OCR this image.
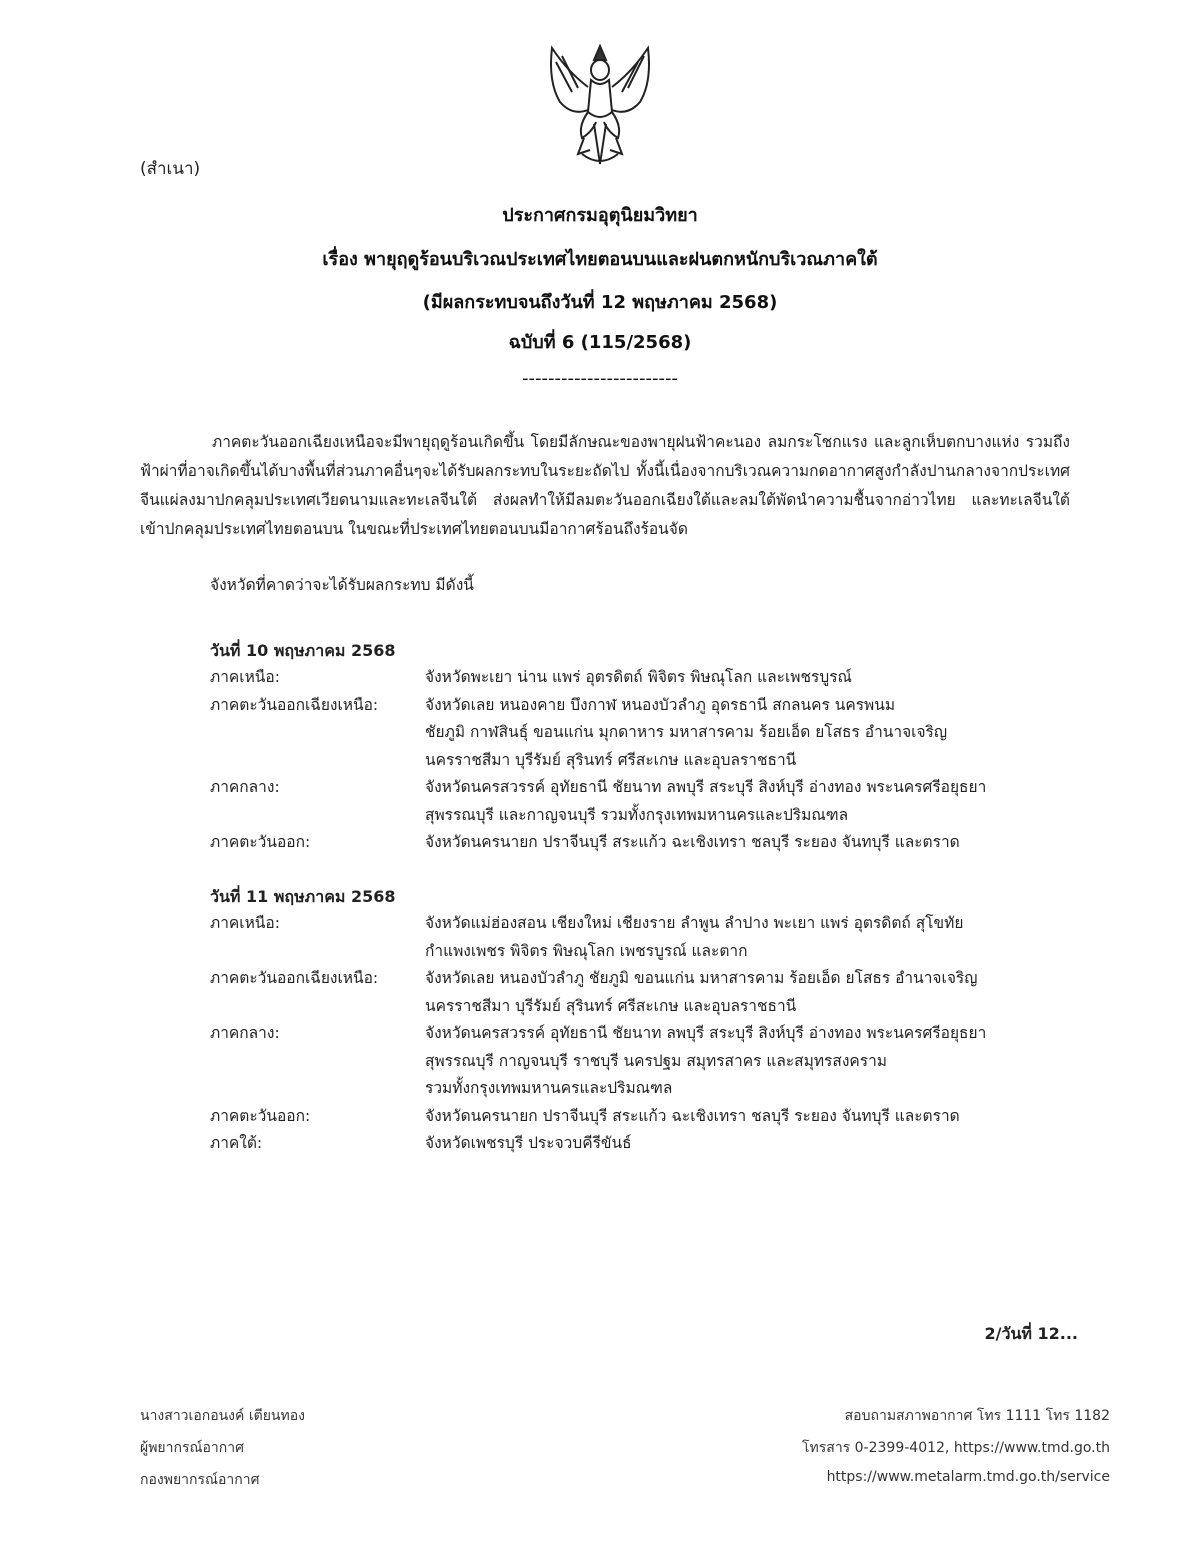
(สำเนา)
ประกาศกรมอุตุนิยมวิทยา
เรื่อง พายุฤดูร้อนบริเวณประเทศไทยตอนบนและฝนตกหนักบริเวณภาคใต้
(มีผลกระทบจนถึงวันที่ 12 พฤษภาคม 2568)
ฉบับที่ 6 (115/2568)
------------------------
ภาคตะวันออกเฉียงเหนือจะมีพายุฤดูร้อนเกิดขึ้น โดยมีลักษณะของพายุฝนฟ้าคะนอง ลมกระโชกแรง และลูกเห็บตกบางแห่ง รวมถึงฟ้าผ่าที่อาจเกิดขึ้นได้บางพื้นที่ส่วนภาคอื่นๆจะได้รับผลกระทบในระยะถัดไป ทั้งนี้เนื่องจากบริเวณความกดอากาศสูงกำลังปานกลางจากประเทศจีนแผ่ลงมาปกคลุมประเทศเวียดนามและทะเลจีนใต้ ส่งผลทำให้มีลมตะวันออกเฉียงใต้และลมใต้พัดนำความชื้นจากอ่าวไทย และทะเลจีนใต้เข้าปกคลุมประเทศไทยตอนบน ในขณะที่ประเทศไทยตอนบนมีอากาศร้อนถึงร้อนจัด
จังหวัดที่คาดว่าจะได้รับผลกระทบ มีดังนี้
วันที่ 10 พฤษภาคม 2568
ภาคเหนือ:	จังหวัดพะเยา น่าน แพร่ อุตรดิตถ์ พิจิตร พิษณุโลก และเพชรบูรณ์
ภาคตะวันออกเฉียงเหนือ:	จังหวัดเลย หนองคาย บึงกาฬ หนองบัวลำภู อุดรธานี สกลนคร นครพนม
ชัยภูมิ กาฬสินธุ์ ขอนแก่น มุกดาหาร มหาสารคาม ร้อยเอ็ด ยโสธร อำนาจเจริญ
นครราชสีมา บุรีรัมย์ สุรินทร์ ศรีสะเกษ และอุบลราชธานี
ภาคกลาง:	จังหวัดนครสวรรค์ อุทัยธานี ชัยนาท ลพบุรี สระบุรี สิงห์บุรี อ่างทอง พระนครศรีอยุธยา
สุพรรณบุรี และกาญจนบุรี รวมทั้งกรุงเทพมหานครและปริมณฑล
ภาคตะวันออก:	จังหวัดนครนายก ปราจีนบุรี สระแก้ว ฉะเชิงเทรา ชลบุรี ระยอง จันทบุรี และตราด
วันที่ 11 พฤษภาคม 2568
ภาคเหนือ:	จังหวัดแม่ฮ่องสอน เชียงใหม่ เชียงราย ลำพูน ลำปาง พะเยา แพร่ อุตรดิตถ์ สุโขทัย
กำแพงเพชร พิจิตร พิษณุโลก เพชรบูรณ์ และตาก
ภาคตะวันออกเฉียงเหนือ:	จังหวัดเลย หนองบัวลำภู ชัยภูมิ ขอนแก่น มหาสารคาม ร้อยเอ็ด ยโสธร อำนาจเจริญ
นครราชสีมา บุรีรัมย์ สุรินทร์ ศรีสะเกษ และอุบลราชธานี
ภาคกลาง:	จังหวัดนครสวรรค์ อุทัยธานี ชัยนาท ลพบุรี สระบุรี สิงห์บุรี อ่างทอง พระนครศรีอยุธยา
สุพรรณบุรี กาญจนบุรี ราชบุรี นครปฐม สมุทรสาคร และสมุทรสงคราม
รวมทั้งกรุงเทพมหานครและปริมณฑล
ภาคตะวันออก:	จังหวัดนครนายก ปราจีนบุรี สระแก้ว ฉะเชิงเทรา ชลบุรี ระยอง จันทบุรี และตราด
ภาคใต้:	จังหวัดเพชรบุรี ประจวบคีรีขันธ์
2/วันที่ 12...
นางสาวเอกอนงค์ เตียนทอง
ผู้พยากรณ์อากาศ
กองพยากรณ์อากาศ
สอบถามสภาพอากาศ โทร 1111 โทร 1182
โทรสาร 0-2399-4012, https://www.tmd.go.th
https://www.metalarm.tmd.go.th/service
